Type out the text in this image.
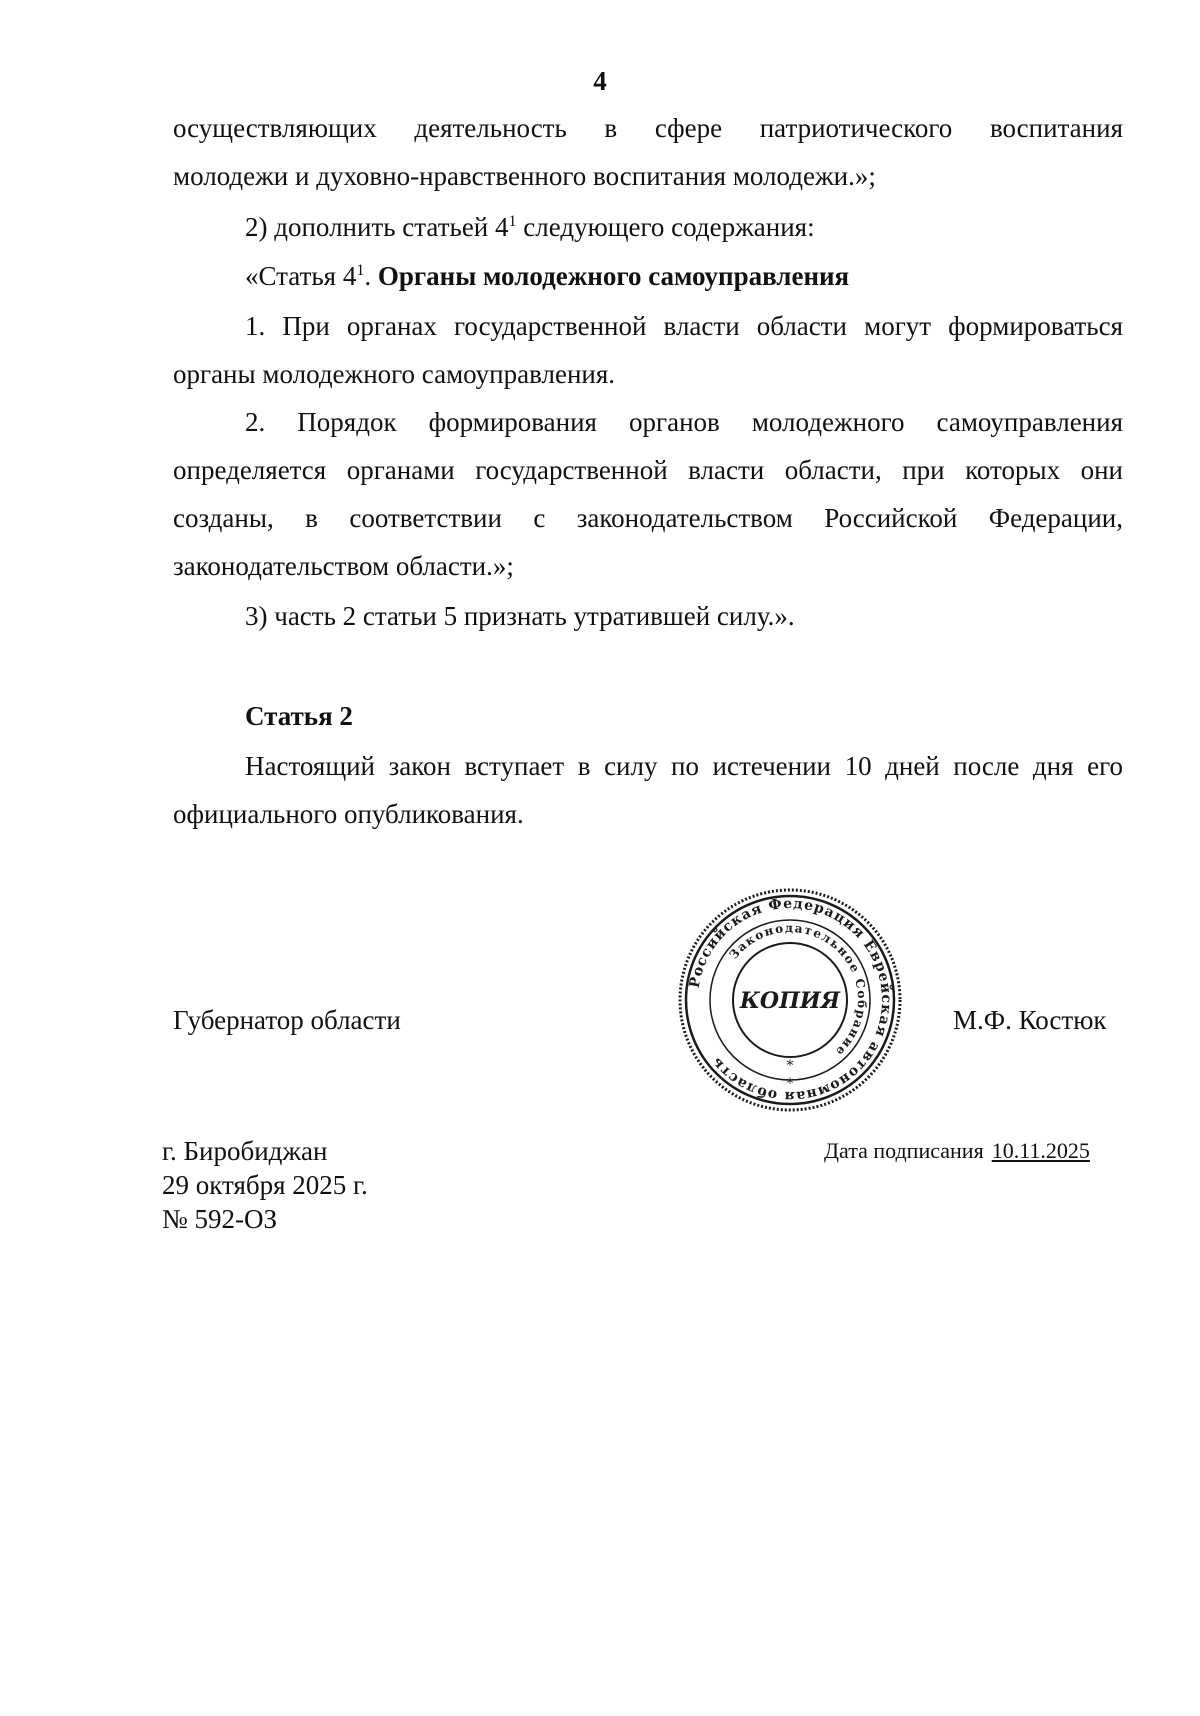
4
осуществляющих деятельность в сфере патриотического воспитания
молодежи и духовно-нравственного воспитания молодежи.»;
2) дополнить статьей $4^1$ следующего содержания:
«Статья $4^1$. Органы молодежного самоуправления
1. При органах государственной власти области могут формироваться органы молодежного самоуправления.
2. Порядок формирования органов молодежного самоуправления определяется органами государственной власти области, при которых они созданы, в соответствии с законодательством Российской Федерации, законодательством области.»;
3) часть 2 статьи 5 признать утратившей силу.».
Статья 2
Настоящий закон вступает в силу по истечении 10 дней после дня его официального опубликования.
Губернатор области
Российская Федерация Еврейская автономная область
Законодательное Собрание
КОПИЯ
*
*
М.Ф. Костюк
г. Биробиджан
29 октября 2025 г.
№ 592-ОЗ
Дата подписания 10.11.2025
